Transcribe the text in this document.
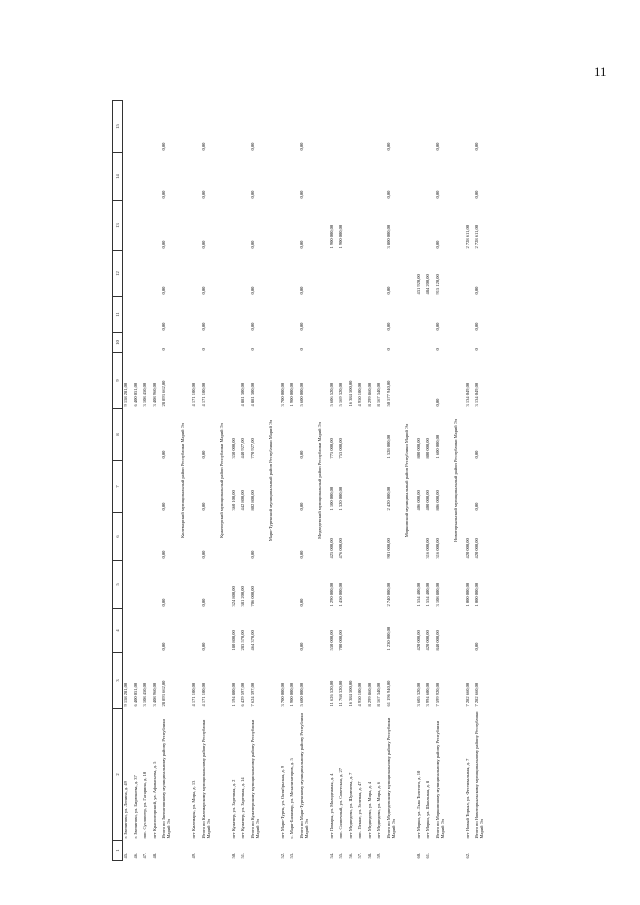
11
1	2	3	4	5	6	7	8	9	10	11	12	13	14	15
45.	г. Звенигово, ул. Ленина, д. 49	9 158 281,00						9 158 281,00						
46.	г. Звенигово, ул. Бирюшева, д. 37	6 400 051,00						6 400 051,00						
47.	пос. Суслонгер, ул. Гагарина, д. 10	3 108 450,00						3 108 450,00						
48.	пгт Красногорский, ул. Афанасьева, д. 5	3 408 960,00						3 408 960,00						
	Итого по Звениговскому муниципальному району Республики Марий Эл	28 893 662,00	0,00	0,00	0,00	0,00	0,00	28 893 662,00	0	0,00	0,00	0,00	0,00	0,00
Килемарский муниципальный район Республики Марий Эл														
49.	пгт Килемары, ул. Мира, д. 13	4 171 100,00						4 171 100,00						
	Итого по Килемарскому муниципальному району Республики Марий Эл	4 171 100,00	0,00	0,00	0,00	0,00	0,00	4 171 100,00	0	0,00	0,00	0,00	0,00	0,00
Куженерский муниципальный район Республики Марий Эл														
50.	пгт Куженер, ул. Заречная, д. 2	1 194 800,00	180 800,00	324 800,00		360 100,00	330 000,00							
51.	пгт Куженер, ул. Заречная, д. 14	6 429 597,00	283 570,00	381 200,00		442 800,00	440 927,00	4 881 300,00						
	Итого по Куженерскому муниципальному району Республики Марий Эл	7 624 397,00	464 370,00	706 000,00	0,00	802 800,00	770 927,00	4 881 300,00	0	0,00	0,00	0,00	0,00	0,00
Мари-Турекский муниципальный район Республики Марий Эл														
52.	пгт Мари-Турек, ул. Октябрьская, д. 9	3 700 000,00						3 700 000,00						
53.	с. Мари-Билямор, ул. Механизаторов, д. 5	1 900 000,00						1 900 000,00						
	Итого по Мари-Турекскому муниципальному району Республики Марий Эл	5 600 000,00	0,00	0,00	0,00	0,00	0,00	5 600 000,00	0	0,00	0,00	0,00	0,00	0,00
Медведевский муниципальный район Республики Марий Эл														
54.	пгт Помары, ул. Молодежная, д. 4	11 626 520,00	530 000,00	1 290 000,00	425 000,00	1 100 000,00	775 000,00	5 606 520,00				1 900 000,00		
55.	пос. Солнечный, ул. Советская, д. 27	11 768 320,00	700 000,00	1 450 000,00	476 000,00	1 320 000,00	753 000,00	5 169 320,00				1 900 000,00		
56.	пгт Медведево, ул. Шумелева, д. 7	16 384 500,00						16 384 500,00						
57.	пос. Пекше, ул. Зеленая, д. 47	4 950 100,00						4 950 100,00						
58.	пгт Медведево, ул. Мира, д. 4	8 299 860,00						8 299 860,00						
59.	пгт Медведево, ул. Мира, д. 6	8 167 340,00						8 167 340,00						
	Итого по Медведевскому муниципальному району Республики Марий Эл	61 196 940,00	1 230 000,00	2 740 000,00	901 000,00	2 420 000,00	1 528 000,00	50 577 940,00	0	0,00	0,00	3 800 000,00	0,00	0,00
Моркинский муниципальный район Республики Марий Эл														
60.	пгт Морки, ул. Льва Толстого, д. 10	3 605 320,00	420 000,00	1 554 400,00		406 000,00	800 000,00				431 920,00			
61.	пгт Морки, ул. Школьная, д. 8	3 994 600,00	420 000,00	1 554 400,00	316 000,00	400 000,00	800 000,00				484 200,00			
	Итого по Моркинскому муниципальному району Республики Марий Эл	7 599 920,00	840 000,00	3 108 800,00	316 000,00	806 000,00	1 600 000,00	0,00	0	0,00	915 120,00	0,00	0,00	0,00
Новоторъяльский муниципальный район Республики Марий Эл														
62.	пгт Новый Торъял, ул. Фестивальная, д. 7	7 282 660,00		1 000 000,00	420 000,00			3 134 049,00				2 728 611,00		
	Итого по Новоторъяльскому муниципальному району Республики Марий Эл	7 282 660,00	0,00	1 000 000,00	420 000,00	0,00	0,00	3 134 049,00	0	0,00	0,00	2 728 611,00	0,00	0,00
